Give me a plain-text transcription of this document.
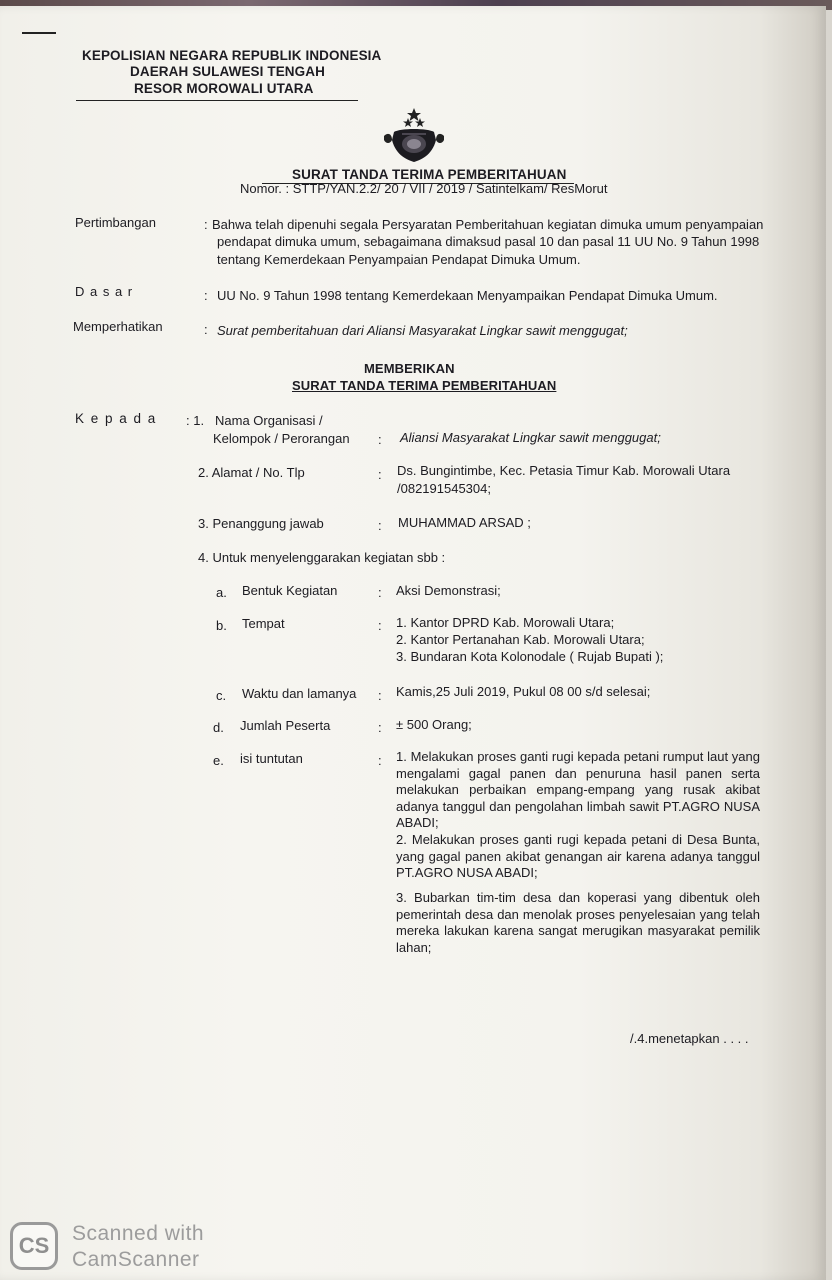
KEPOLISIAN NEGARA REPUBLIK INDONESIA
DAERAH SULAWESI TENGAH
RESOR MOROWALI UTARA
SURAT TANDA TERIMA PEMBERITAHUAN
Nomor. : STTP/YAN.2.2/ 20 / VII / 2019 / Satintelkam/ ResMorut
Pertimbangan	: Bahwa telah dipenuhi segala Persyaratan Pemberitahuan kegiatan dimuka umum penyampaian
pendapat dimuka umum, sebagaimana dimaksud pasal 10 dan pasal 11 UU No. 9 Tahun 1998
tentang Kemerdekaan Penyampaian Pendapat Dimuka Umum.
D a s a r	: UU No. 9 Tahun 1998 tentang Kemerdekaan Menyampaikan Pendapat Dimuka Umum.
Memperhatikan	: Surat pemberitahuan dari Aliansi Masyarakat Lingkar sawit menggugat;
MEMBERIKAN
SURAT TANDA TERIMA PEMBERITAHUAN
K e p a d a : 1. Nama Organisasi /
Kelompok / Perorangan : Aliansi Masyarakat Lingkar sawit menggugat;
2. Alamat / No. Tlp	: Ds. Bungintimbe, Kec. Petasia Timur Kab. Morowali Utara
/082191545304;
3. Penanggung jawab	: MUHAMMAD ARSAD ;
4. Untuk menyelenggarakan kegiatan sbb :
a. Bentuk Kegiatan	: Aksi Demonstrasi;
b. Tempat	: 1. Kantor DPRD Kab. Morowali Utara;
2. Kantor Pertanahan Kab. Morowali Utara;
3. Bundaran Kota Kolonodale ( Rujab Bupati );
c. Waktu dan lamanya : Kamis,25 Juli 2019, Pukul 08 00 s/d selesai;
d. Jumlah Peserta	: ± 500 Orang;
e. isi tuntutan	: 1. Melakukan proses ganti rugi kepada petani rumput laut yang mengalami gagal panen dan penuruna hasil panen serta melakukan perbaikan empang-empang yang rusak akibat adanya tanggul dan pengolahan limbah sawit PT.AGRO NUSA ABADI;
2. Melakukan proses ganti rugi kepada petani di Desa Bunta, yang gagal panen akibat genangan air karena adanya tanggul PT.AGRO NUSA ABADI;
3. Bubarkan tim-tim desa dan koperasi yang dibentuk oleh pemerintah desa dan menolak proses penyelesaian yang telah mereka lakukan karena sangat merugikan masyarakat pemilik lahan;
/.4.menetapkan . . . .
CS	Scanned with
CamScanner
